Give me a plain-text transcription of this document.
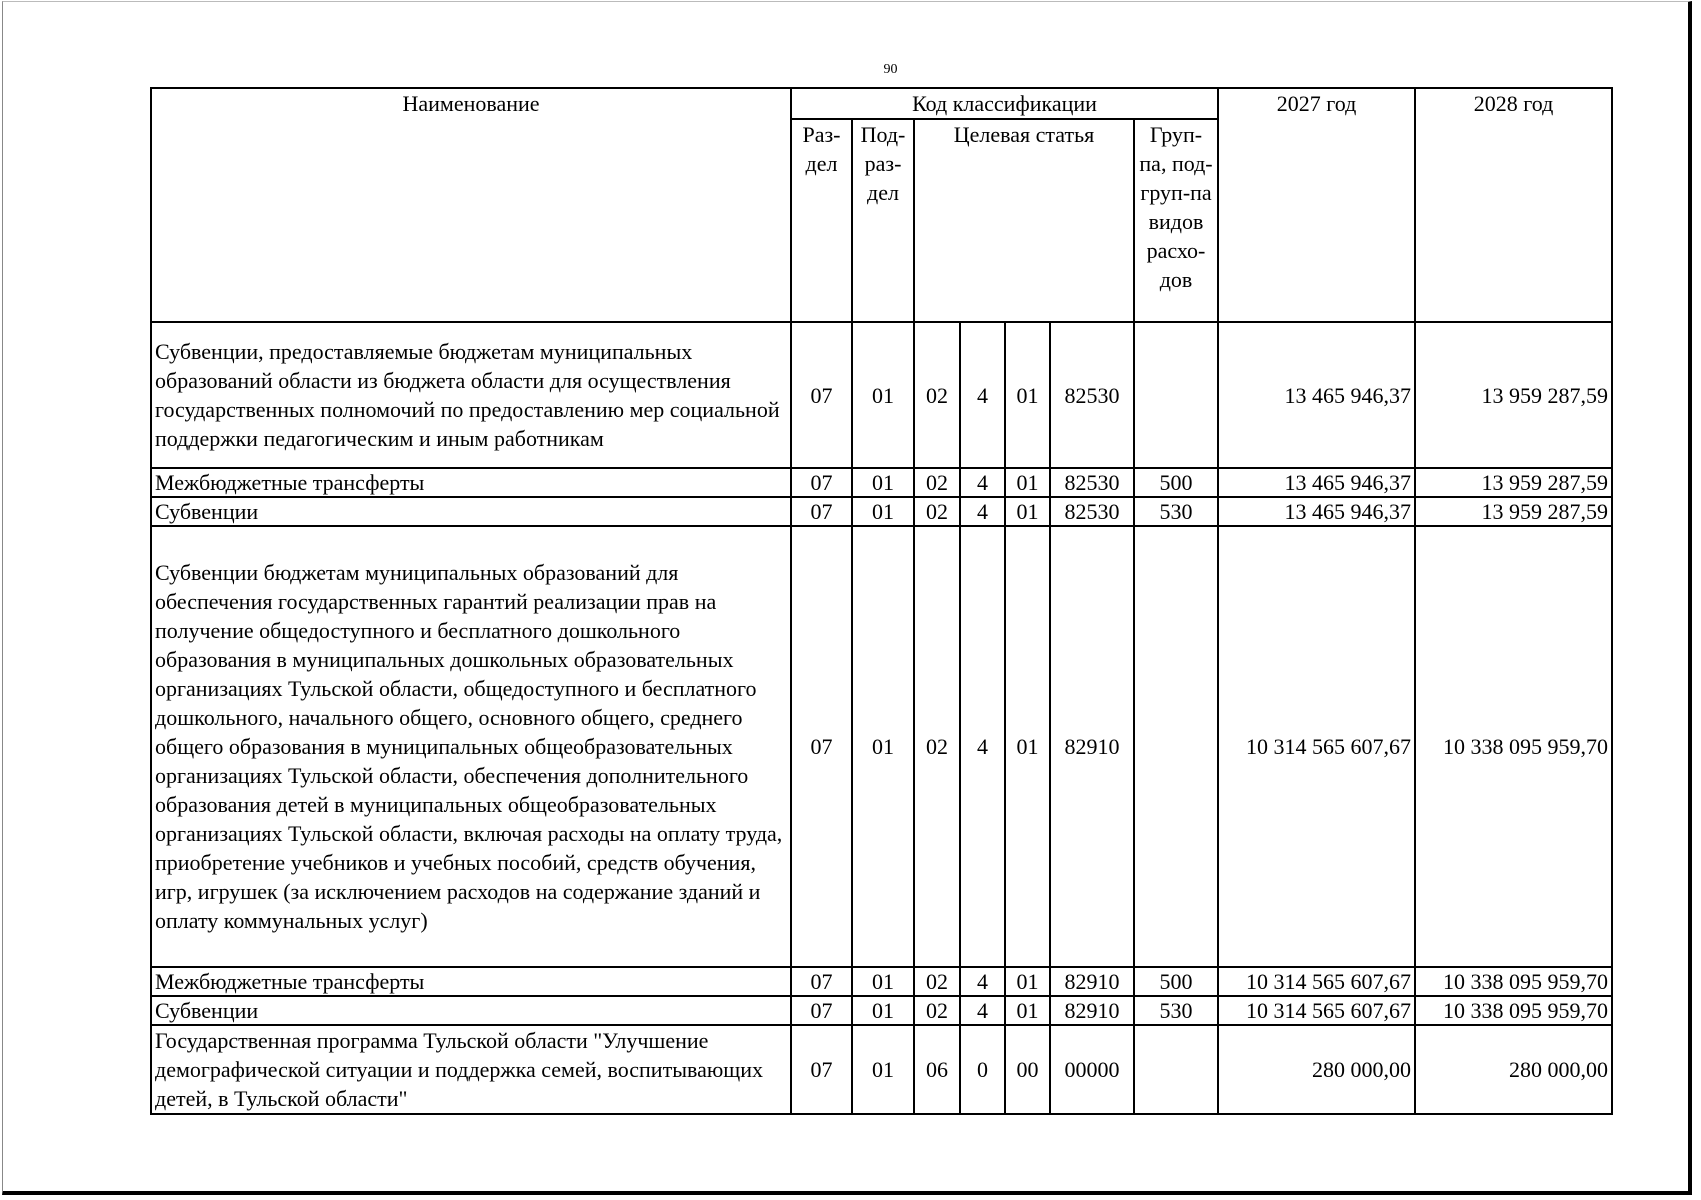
90
Наименование	Код классификации							2027 год	2028 год
	Раз-дел	Под-раз-дел	Целевая статья				Груп-па, под-груп-па видов расхо-дов		
Субвенции, предоставляемые бюджетам муниципальных образований области из бюджета области для осуществления государственных полномочий по предоставлению мер социальной поддержки педагогическим и иным работникам	07	01	02	4	01	82530		13 465 946,37	13 959 287,59
Межбюджетные трансферты	07	01	02	4	01	82530	500	13 465 946,37	13 959 287,59
Субвенции	07	01	02	4	01	82530	530	13 465 946,37	13 959 287,59
Субвенции бюджетам муниципальных образований для обеспечения государственных гарантий реализации прав на получение общедоступного и бесплатного дошкольного образования в муниципальных дошкольных образовательных организациях Тульской области, общедоступного и бесплатного дошкольного, начального общего, основного общего, среднего общего образования в муниципальных общеобразовательных организациях Тульской области, обеспечения дополнительного образования детей в муниципальных общеобразовательных организациях Тульской области, включая расходы на оплату труда, приобретение учебников и учебных пособий, средств обучения, игр, игрушек (за исключением расходов на содержание зданий и оплату коммунальных услуг)	07	01	02	4	01	82910		10 314 565 607,67	10 338 095 959,70
Межбюджетные трансферты	07	01	02	4	01	82910	500	10 314 565 607,67	10 338 095 959,70
Субвенции	07	01	02	4	01	82910	530	10 314 565 607,67	10 338 095 959,70
Государственная программа Тульской области "Улучшение демографической ситуации и поддержка семей, воспитывающих детей, в Тульской области"	07	01	06	0	00	00000		280 000,00	280 000,00
